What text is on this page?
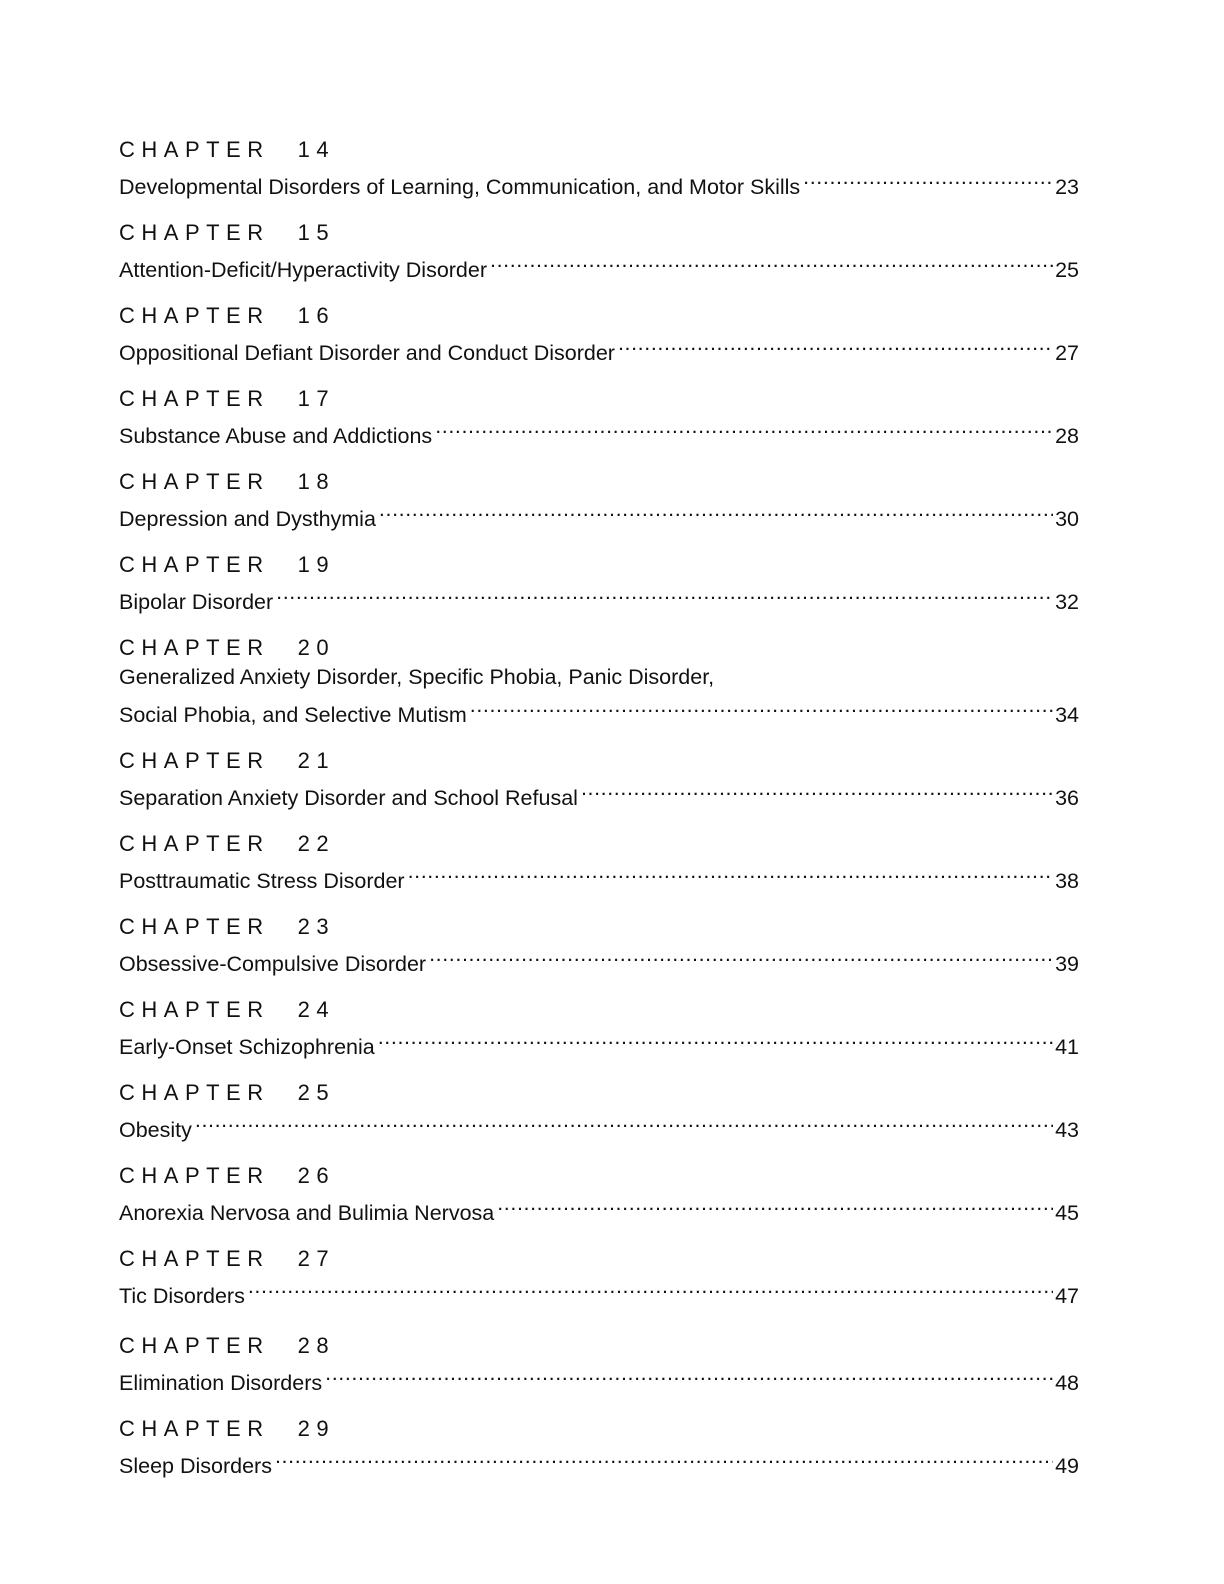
CHAPTER 14
Developmental Disorders of Learning, Communication, and Motor Skills .....	23
CHAPTER 15
Attention-Deficit/Hyperactivity Disorder .....	25
CHAPTER 16
Oppositional Defiant Disorder and Conduct Disorder .....	27
CHAPTER 17
Substance Abuse and Addictions .....	28
CHAPTER 18
Depression and Dysthymia .....	30
CHAPTER 19
Bipolar Disorder .....	32
CHAPTER 20
Generalized Anxiety Disorder, Specific Phobia, Panic Disorder,
Social Phobia, and Selective Mutism .....	34
CHAPTER 21
Separation Anxiety Disorder and School Refusal .....	36
CHAPTER 22
Posttraumatic Stress Disorder .....	38
CHAPTER 23
Obsessive-Compulsive Disorder .....	39
CHAPTER 24
Early-Onset Schizophrenia .....	41
CHAPTER 25
Obesity .....	43
CHAPTER 26
Anorexia Nervosa and Bulimia Nervosa .....	45
CHAPTER 27
Tic Disorders .....	47
CHAPTER 28
Elimination Disorders .....	48
CHAPTER 29
Sleep Disorders .....	49
